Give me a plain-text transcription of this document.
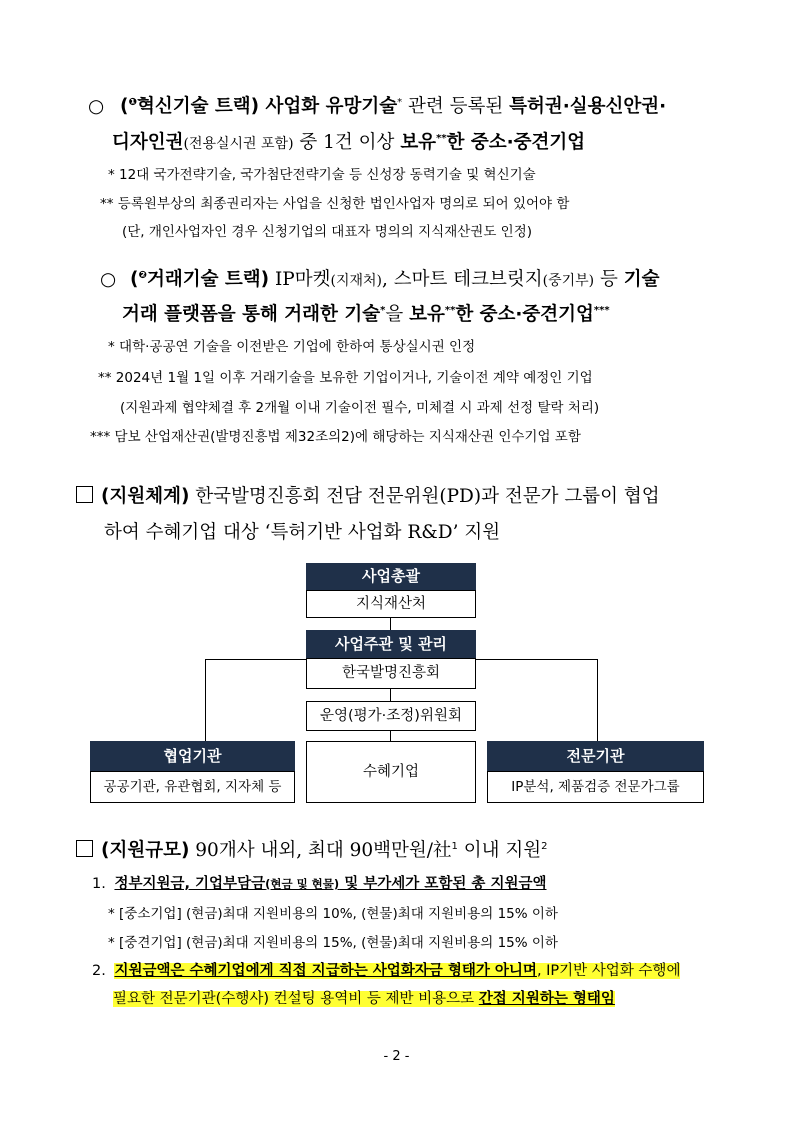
○ ($^❶$혁신기술 트랙) 사업화 유망기술* 관련 등록된 특허권·실용신안권·
디자인권(전용실시권 포함) 중 1건 이상 보유**한 중소·중견기업
* 12대 국가전략기술, 국가첨단전략기술 등 신성장 동력기술 및 혁신기술
** 등록원부상의 최종권리자는 사업을 신청한 법인사업자 명의로 되어 있어야 함
(단, 개인사업자인 경우 신청기업의 대표자 명의의 지식재산권도 인정)
○ ($^❷$거래기술 트랙) IP마켓(지재처), 스마트 테크브릿지(중기부) 등 기술
거래 플랫폼을 통해 거래한 기술*을 보유**한 중소·중견기업***
* 대학·공공연 기술을 이전받은 기업에 한하여 통상실시권 인정
** 2024년 1월 1일 이후 거래기술을 보유한 기업이거나, 기술이전 계약 예정인 기업
(지원과제 협약체결 후 2개월 이내 기술이전 필수, 미체결 시 과제 선정 탈락 처리)
*** 담보 산업재산권(발명진흥법 제32조의2)에 해당하는 지식재산권 인수기업 포함
(지원체계) 한국발명진흥회 전담 전문위원(PD)과 전문가 그룹이 협업
하여 수혜기업 대상 ‘특허기반 사업화 R&D’ 지원
사업총괄
지식재산처
사업주관 및 관리
한국발명진흥회
운영(평가·조정)위원회
협업기관
공공기관, 유관협회, 지자체 등
수혜기업
전문기관
IP분석, 제품검증 전문가그룹
(지원규모) 90개사 내외, 최대 90백만원/社$^1$ 이내 지원$^2$
1. 정부지원금, 기업부담금(현금 및 현물) 및 부가세가 포함된 총 지원금액
* [중소기업] (현금)최대 지원비용의 10%, (현물)최대 지원비용의 15% 이하
* [중견기업] (현금)최대 지원비용의 15%, (현물)최대 지원비용의 15% 이하
2. 지원금액은 수혜기업에게 직접 지급하는 사업화자금 형태가 아니며, IP기반 사업화 수행에
필요한 전문기관(수행사) 컨설팅 용역비 등 제반 비용으로 간접 지원하는 형태임
- 2 -
